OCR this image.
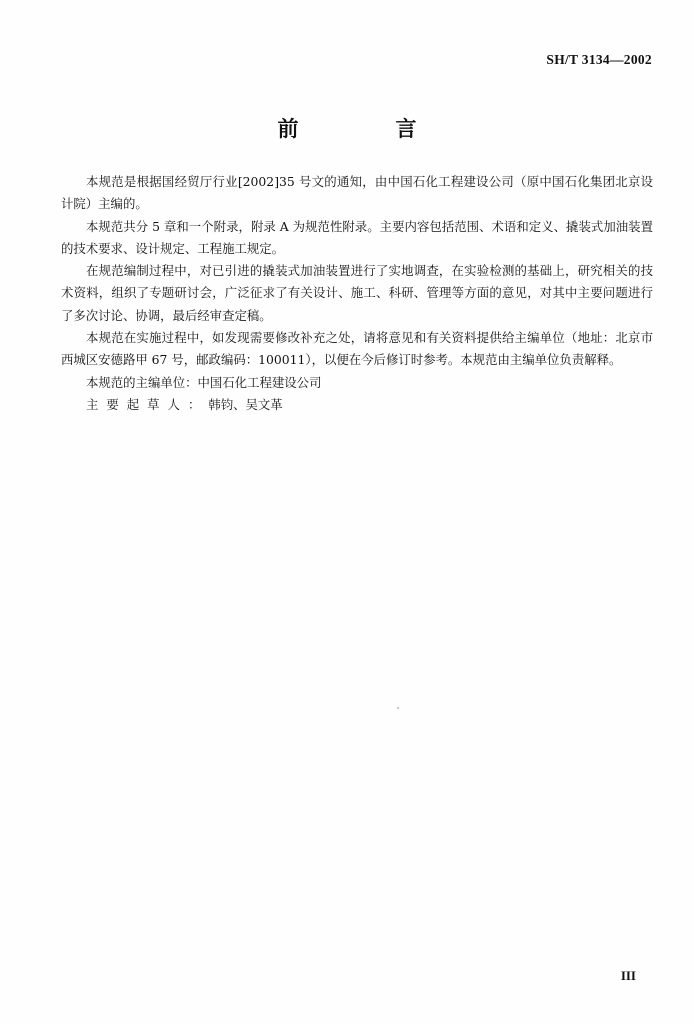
SH/T 3134—2002
前　言

本规范是根据国经贸厅行业[2002]35 号文的通知，由中国石化工程建设公司（原中国石化集团北京设计院）主编的。

本规范共分 5 章和一个附录，附录 A 为规范性附录。主要内容包括范围、术语和定义、撬装式加油装置的技术要求、设计规定、工程施工规定。

在规范编制过程中，对已引进的撬装式加油装置进行了实地调查，在实验检测的基础上，研究相关的技术资料，组织了专题研讨会，广泛征求了有关设计、施工、科研、管理等方面的意见，对其中主要问题进行了多次讨论、协调，最后经审查定稿。

本规范在实施过程中，如发现需要修改补充之处，请将意见和有关资料提供给主编单位（地址：北京市西城区安德路甲 67 号，邮政编码：100011），以便在今后修订时参考。本规范由主编单位负责解释。

本规范的主编单位：中国石化工程建设公司
主要起草人：韩钧、吴文革
III
